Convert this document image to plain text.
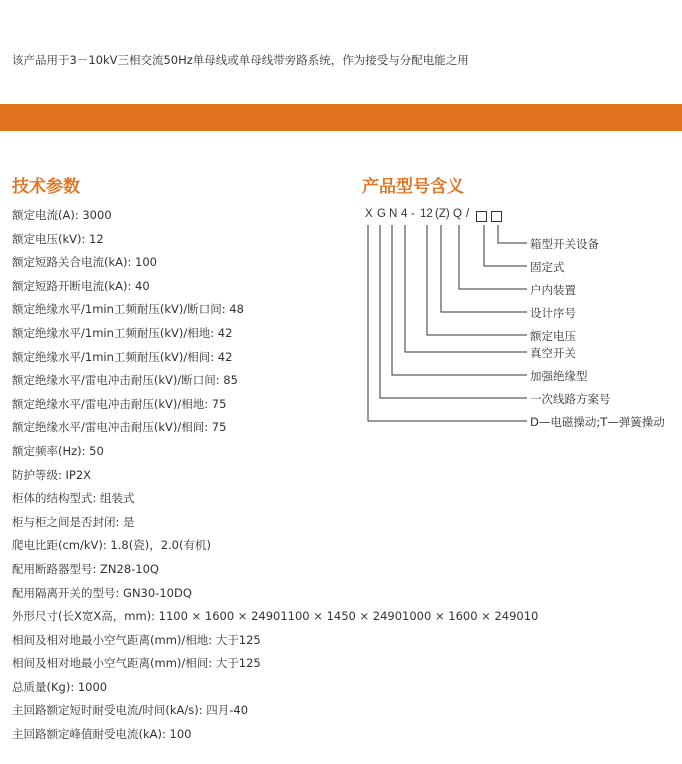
该产品用于3－10kV三相交流50Hz单母线或单母线带旁路系统，作为接受与分配电能之用
技术参数	产品型号含义
额定电流(A): 3000
额定电压(kV): 12
额定短路关合电流(kA): 100
额定短路开断电流(kA): 40
额定绝缘水平/1min工频耐压(kV)/断口间: 48
额定绝缘水平/1min工频耐压(kV)/相地: 42
额定绝缘水平/1min工频耐压(kV)/相间: 42
额定绝缘水平/雷电冲击耐压(kV)/断口间: 85
额定绝缘水平/雷电冲击耐压(kV)/相地: 75
额定绝缘水平/雷电冲击耐压(kV)/相间: 75
额定频率(Hz): 50
防护等级: IP2X
柜体的结构型式: 组装式
柜与柜之间是否封闭: 是
爬电比距(cm/kV): 1.8(瓷)，2.0(有机)
配用断路器型号: ZN28-10Q
配用隔离开关的型号: GN30-10DQ
外形尺寸(长X宽X高，mm): 1100 × 1600 × 24901100 × 1450 × 24901000 × 1600 × 249010
相间及相对地最小空气距离(mm)/相地: 大于125
相间及相对地最小空气距离(mm)/相间: 大于125
总质量(Kg): 1000
主回路额定短时耐受电流/时间(kA/s): 四月-40
主回路额定峰值耐受电流(kA): 100
X G N 4 - 12 (Z) Q /
箱型开关设备
固定式
户内装置
设计序号
额定电压
真空开关
加强绝缘型
一次线路方案号
D—电磁操动;T—弹簧操动
